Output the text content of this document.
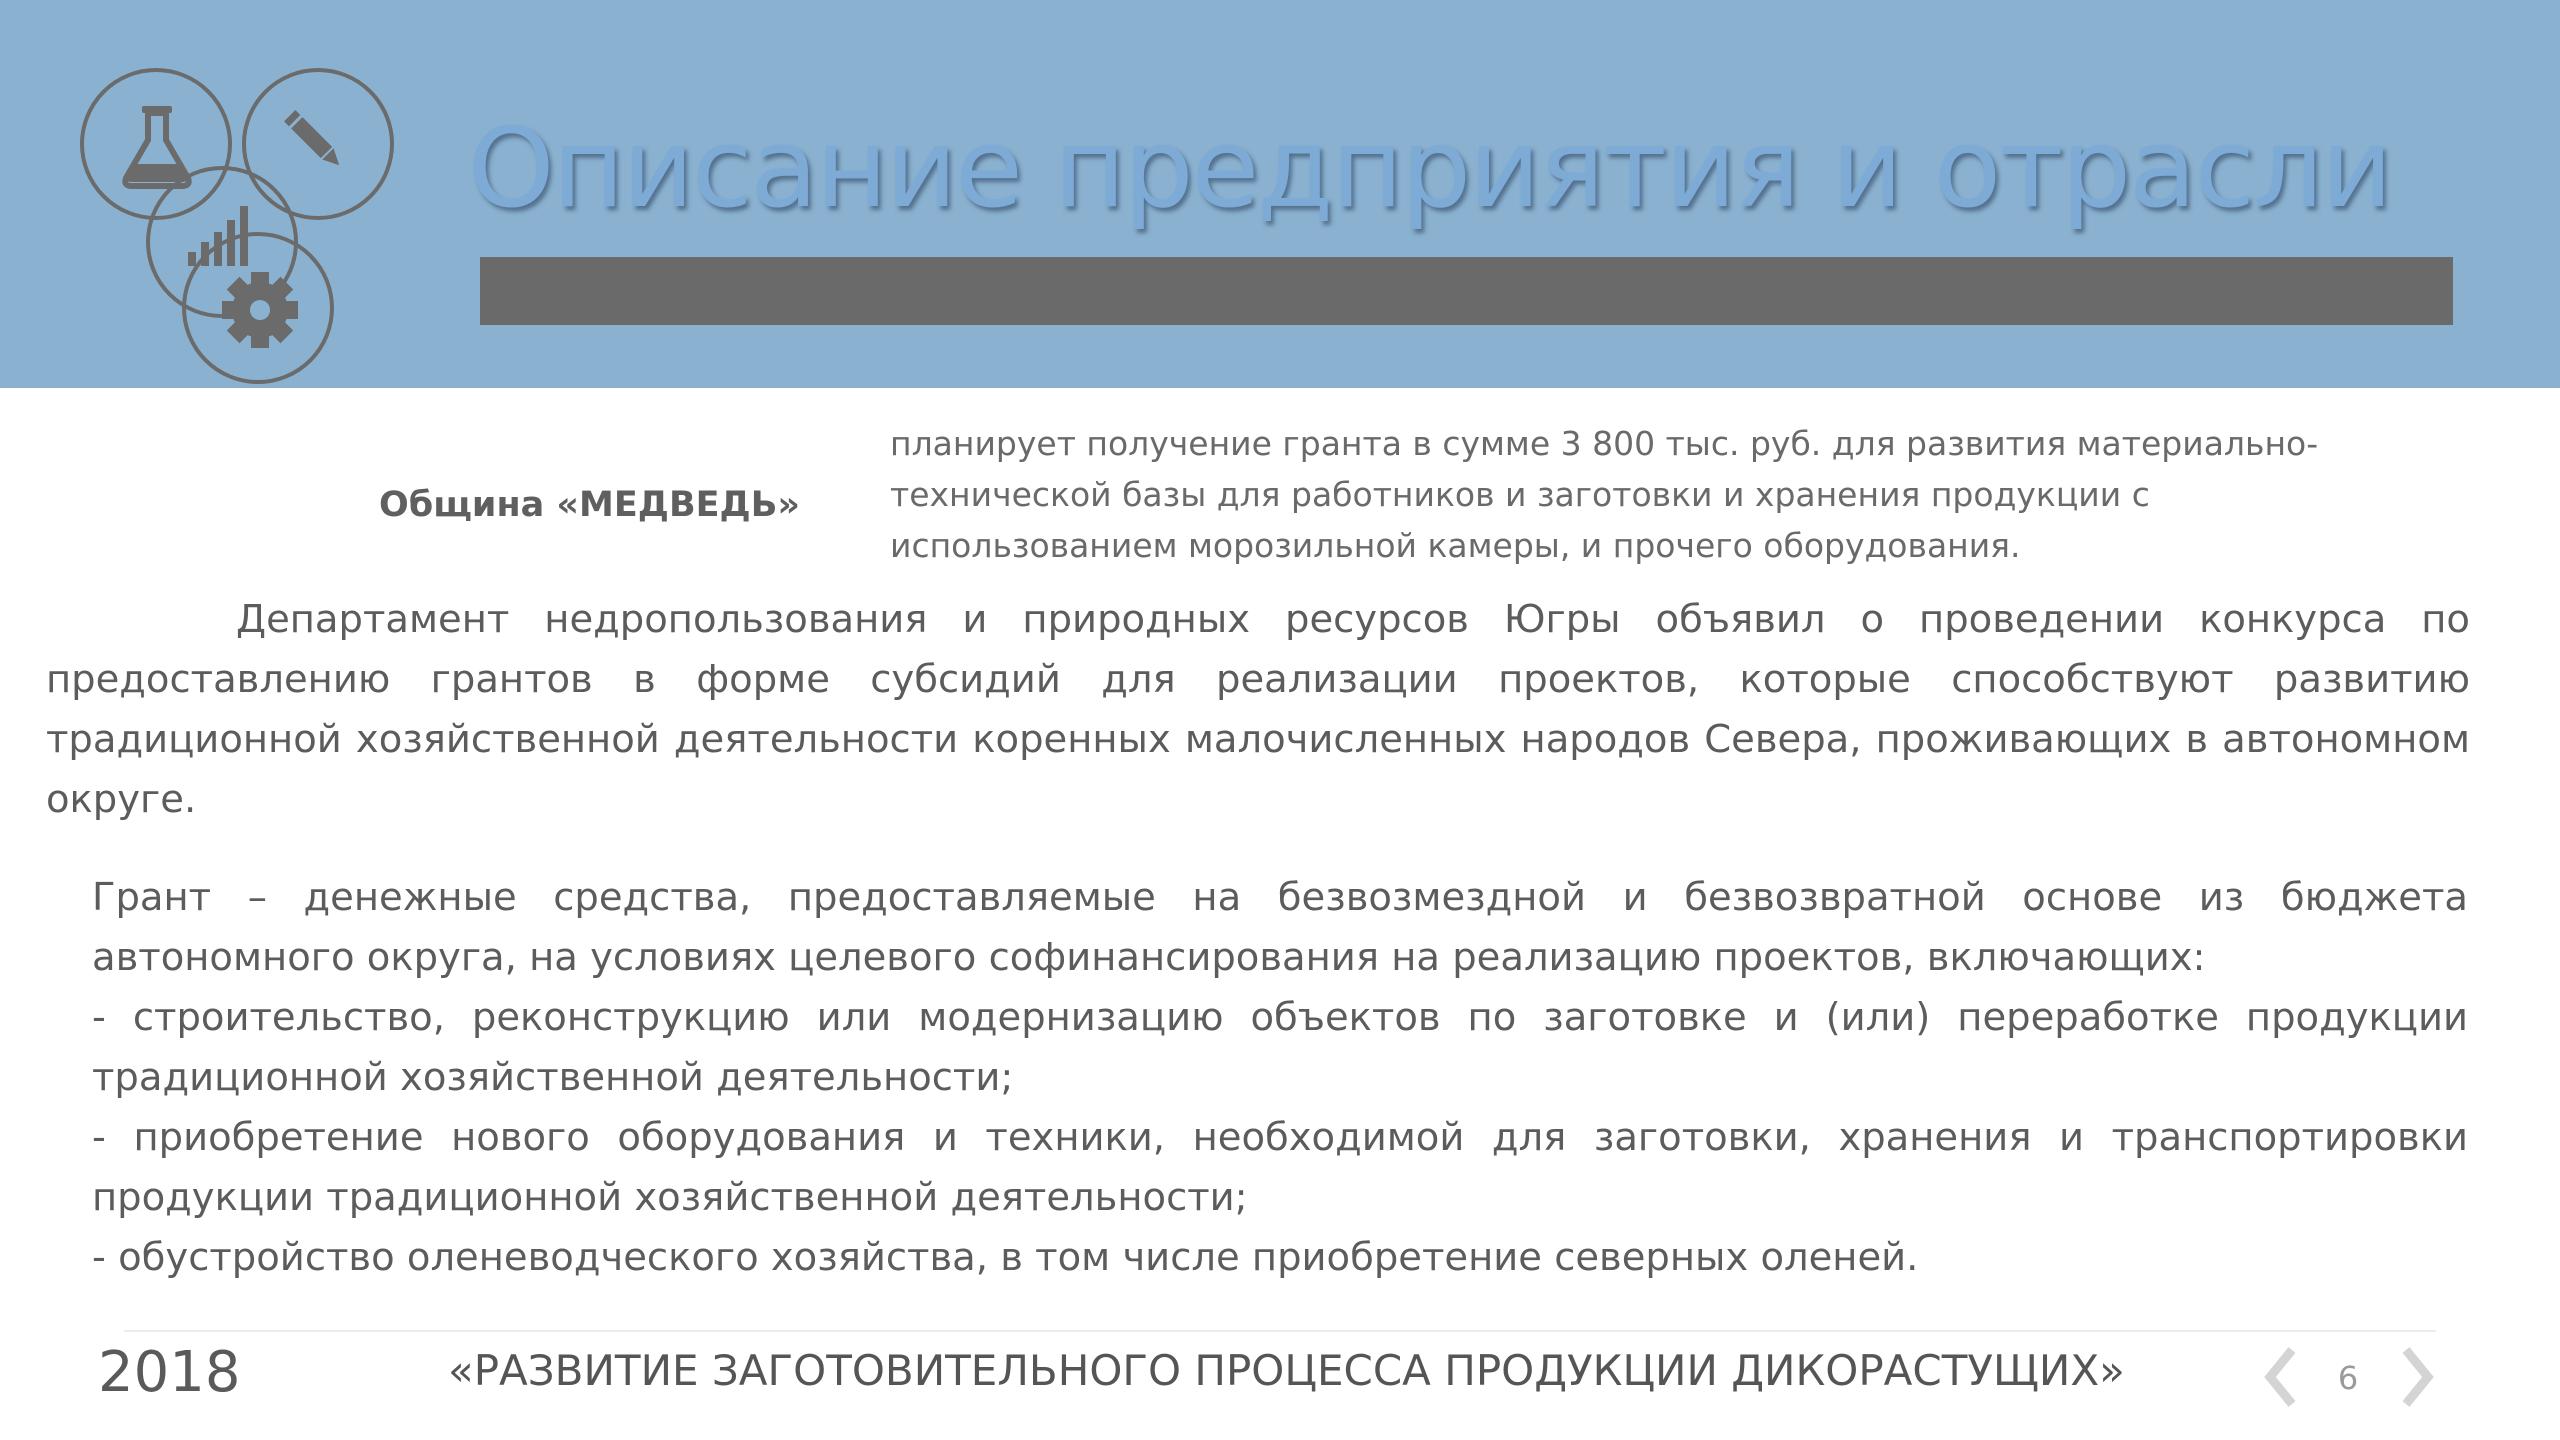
Описание предприятия и отрасли
Община «МЕДВЕДЬ»
планирует получение гранта в сумме 3 800 тыс. руб. для развития материально-
технической базы для работников и заготовки и хранения продукции с
использованием морозильной камеры, и прочего оборудования.
Департамент недропользования и природных ресурсов Югры объявил о проведении конкурса по предоставлению грантов в форме субсидий для реализации проектов, которые способствуют развитию традиционной хозяйственной деятельности коренных малочисленных народов Севера, проживающих в автономном округе.
Грант – денежные средства, предоставляемые на безвозмездной и безвозвратной основе из бюджета автономного округа, на условиях целевого софинансирования на реализацию проектов, включающих:
- строительство, реконструкцию или модернизацию объектов по заготовке и (или) переработке продукции традиционной хозяйственной деятельности;
- приобретение нового оборудования и техники, необходимой для заготовки, хранения и транспортировки продукции традиционной хозяйственной деятельности;
- обустройство оленеводческого хозяйства, в том числе приобретение северных оленей.
2018	«РАЗВИТИЕ ЗАГОТОВИТЕЛЬНОГО ПРОЦЕССА ПРОДУКЦИИ ДИКОРАСТУЩИХ»	6
